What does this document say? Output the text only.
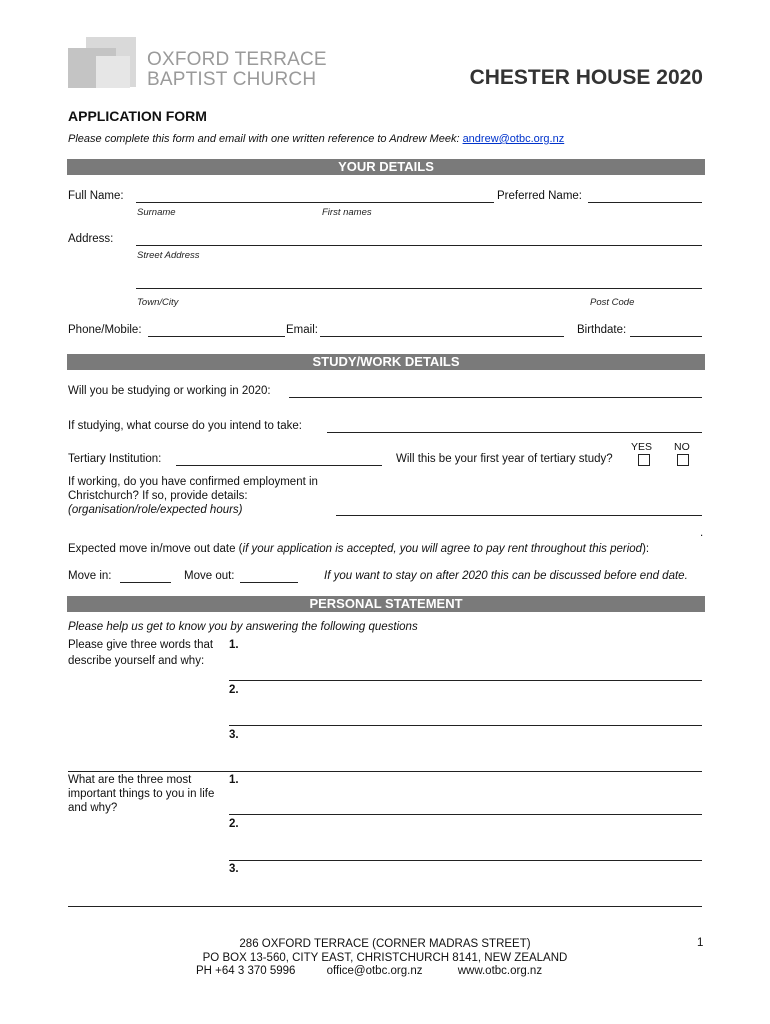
OXFORD TERRACE
BAPTIST CHURCH	CHESTER HOUSE 2020
APPLICATION FORM
Please complete this form and email with one written reference to Andrew Meek: andrew@otbc.org.nz
YOUR DETAILS
Full Name:	Preferred Name:
Surname	First names
Address:
Street Address
Town/City	Post Code
Phone/Mobile:	Email:	Birthdate:
STUDY/WORK DETAILS
Will you be studying or working in 2020:
If studying, what course do you intend to take:
YES NO
Tertiary Institution:	Will this be your first year of tertiary study?
If working, do you have confirmed employment in
Christchurch? If so, provide details:
(organisation/role/expected hours)
.
Expected move in/move out date (if your application is accepted, you will agree to pay rent throughout this period):
Move in:	Move out:	If you want to stay on after 2020 this can be discussed before end date.
PERSONAL STATEMENT
Please help us get to know you by answering the following questions
Please give three words that
describe yourself and why:
1.
2.
3.
What are the three most
important things to you in life
and why?
1.
2.
3.
286 OXFORD TERRACE (CORNER MADRAS STREET)
PO BOX 13-560, CITY EAST, CHRISTCHURCH 8141, NEW ZEALAND
PH +64 3 370 5996	office@otbc.org.nz	www.otbc.org.nz
1
